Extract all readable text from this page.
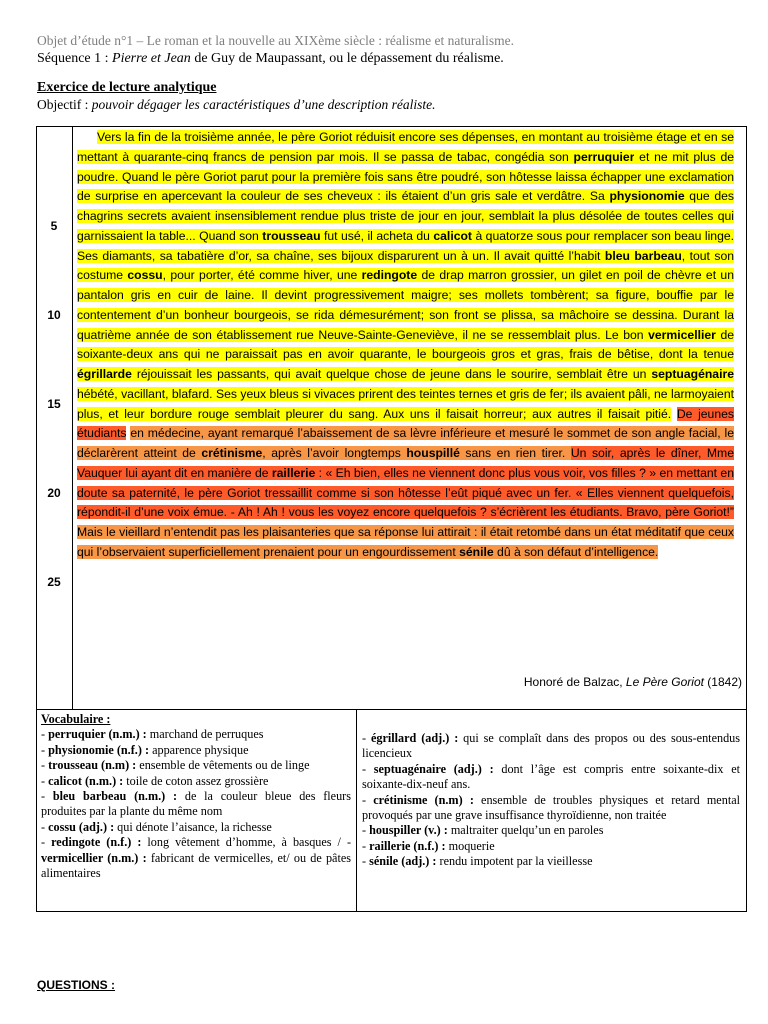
Objet d’étude n°1 – Le roman et la nouvelle au XIXème siècle : réalisme et naturalisme.
Séquence 1 : Pierre et Jean de Guy de Maupassant, ou le dépassement du réalisme.
Exercice de lecture analytique
Objectif : pouvoir dégager les caractéristiques d’une description réaliste.
5
10
15
20
25

Vers la fin de la troisième année, le père Goriot réduisit encore ses dépenses, en montant au troisième étage et en se mettant à quarante-cinq francs de pension par mois. Il se passa de tabac, congédia son perruquier et ne mit plus de poudre. Quand le père Goriot parut pour la première fois sans être poudré, son hôtesse laissa échapper une exclamation de surprise en apercevant la couleur de ses cheveux : ils étaient d’un gris sale et verdâtre. Sa physionomie que des chagrins secrets avaient insensiblement rendue plus triste de jour en jour, semblait la plus désolée de toutes celles qui garnissaient la table... Quand son trousseau fut usé, il acheta du calicot à quatorze sous pour remplacer son beau linge. Ses diamants, sa tabatière d’or, sa chaîne, ses bijoux disparurent un à un. Il avait quitté l’habit bleu barbeau, tout son costume cossu, pour porter, été comme hiver, une redingote de drap marron grossier, un gilet en poil de chèvre et un pantalon gris en cuir de laine. Il devint progressivement maigre; ses mollets tombèrent; sa figure, bouffie par le contentement d’un bonheur bourgeois, se rida démesurément; son front se plissa, sa mâchoire se dessina. Durant la quatrième année de son établissement rue Neuve-Sainte-Geneviève, il ne se ressemblait plus. Le bon vermicellier de soixante-deux ans qui ne paraissait pas en avoir quarante, le bourgeois gros et gras, frais de bêtise, dont la tenue égrillarde réjouissait les passants, qui avait quelque chose de jeune dans le sourire, semblait être un septuagénaire hébété, vacillant, blafard. Ses yeux bleus si vivaces prirent des teintes ternes et gris de fer; ils avaient pâli, ne larmoyaient plus, et leur bordure rouge semblait pleurer du sang. Aux uns il faisait horreur; aux autres il faisait pitié. De jeunes étudiants en médecine, ayant remarqué l’abaissement de sa lèvre inférieure et mesuré le sommet de son angle facial, le déclarèrent atteint de crétinisme, après l’avoir longtemps houspillé sans en rien tirer. Un soir, après le dîner, Mme Vauquer lui ayant dit en manière de raillerie : « Eh bien, elles ne viennent donc plus vous voir, vos filles ? » en mettant en doute sa paternité, le père Goriot tressaillit comme si son hôtesse l’eût piqué avec un fer. « Elles viennent quelquefois, répondit-il d’une voix émue. - Ah ! Ah ! vous les voyez encore quelquefois ? s’écrièrent les étudiants. Bravo, père Goriot!” Mais le vieillard n’entendit pas les plaisanteries que sa réponse lui attirait : il était retombé dans un état méditatif que ceux qui l’observaient superficiellement prenaient pour un engourdissement sénile dû à son défaut d’intelligence.

Honoré de Balzac, Le Père Goriot (1842)
Vocabulaire :
- perruquier (n.m.) : marchand de perruques
- physionomie (n.f.) : apparence physique
- trousseau (n.m) : ensemble de vêtements ou de linge
- calicot (n.m.) : toile de coton assez grossière
- bleu barbeau (n.m.) : de la couleur bleue des fleurs produites par la plante du même nom
- cossu (adj.) : qui dénote l’aisance, la richesse
- redingote (n.f.) : long vêtement d’homme, à basques / - vermicellier (n.m.) : fabricant de vermicelles, et/ ou de pâtes alimentaires
- égrillard (adj.) : qui se complaît dans des propos ou des sous-entendus licencieux
- septuagénaire (adj.) : dont l’âge est compris entre soixante-dix et soixante-dix-neuf ans.
- crétinisme (n.m) : ensemble de troubles physiques et retard mental provoqués par une grave insuffisance thyroïdienne, non traitée
- houspiller (v.) : maltraiter quelqu’un en paroles
- raillerie (n.f.) : moquerie
- sénile (adj.) : rendu impotent par la vieillesse
QUESTIONS :
